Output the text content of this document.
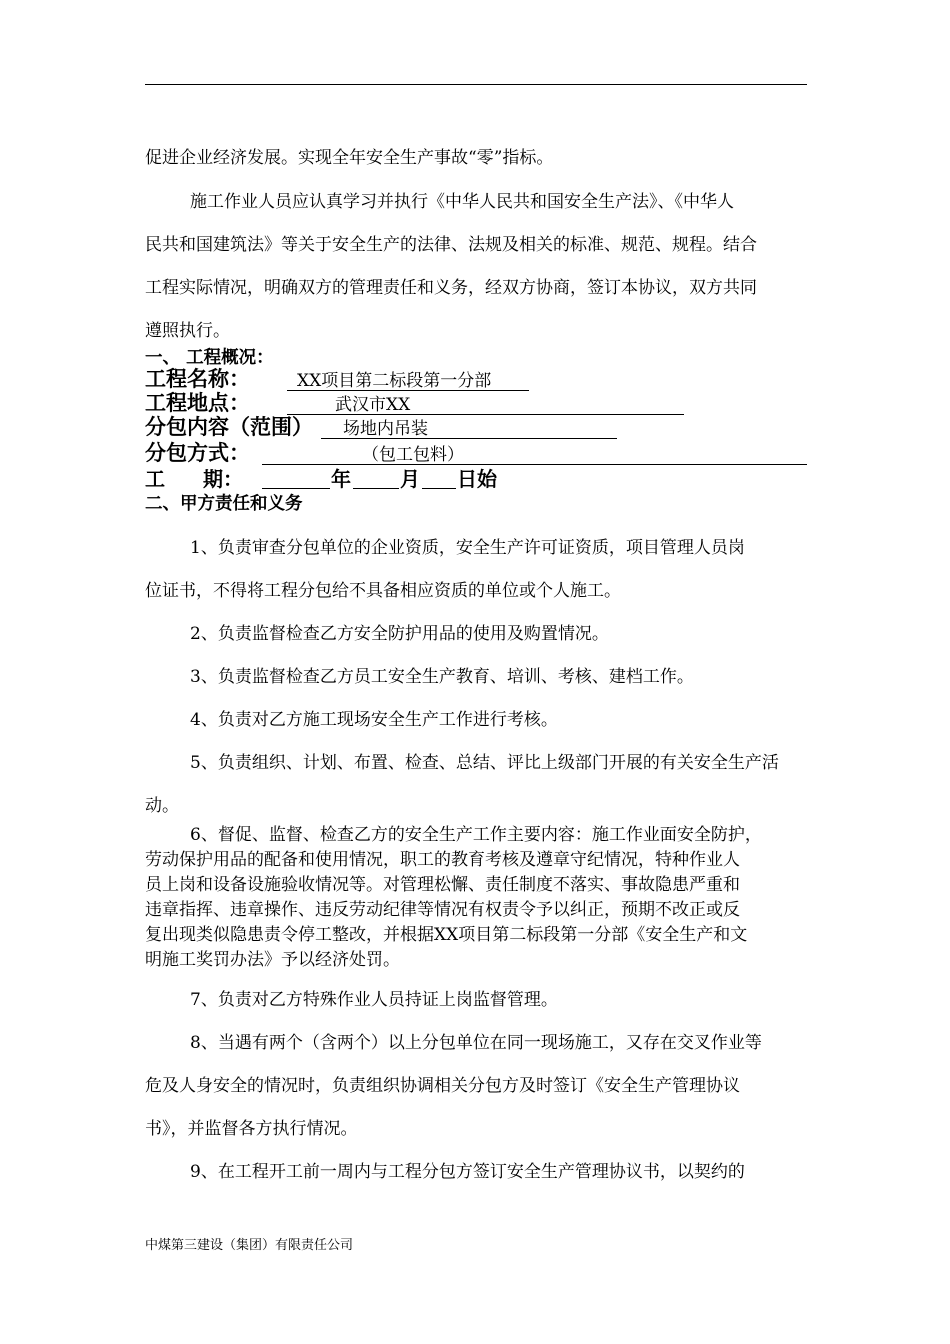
促进企业经济发展。实现全年安全生产事故“零”指标。
施工作业人员应认真学习并执行《中华人民共和国安全生产法》、《中华人
民共和国建筑法》等关于安全生产的法律、法规及相关的标准、规范、规程。结合
工程实际情况，明确双方的管理责任和义务，经双方协商，签订本协议，双方共同
遵照执行。
一、 工程概况：
工程名称：	XX项目第二标段第一分部
工程地点：	武汉市XX
分包内容（范围）	场地内吊装
分包方式：	（包工包料）
工 期：	年 月 日始
二、甲方责任和义务
1、负责审查分包单位的企业资质，安全生产许可证资质，项目管理人员岗
位证书，不得将工程分包给不具备相应资质的单位或个人施工。
2、负责监督检查乙方安全防护用品的使用及购置情况。
3、负责监督检查乙方员工安全生产教育、培训、考核、建档工作。
4、负责对乙方施工现场安全生产工作进行考核。
5、负责组织、计划、布置、检查、总结、评比上级部门开展的有关安全生产活
动。
6、督促、监督、检查乙方的安全生产工作主要内容：施工作业面安全防护，
劳动保护用品的配备和使用情况，职工的教育考核及遵章守纪情况，特种作业人
员上岗和设备设施验收情况等。对管理松懈、责任制度不落实、事故隐患严重和
违章指挥、违章操作、违反劳动纪律等情况有权责令予以纠正，预期不改正或反
复出现类似隐患责令停工整改，并根据XX项目第二标段第一分部《安全生产和文
明施工奖罚办法》予以经济处罚。
7、负责对乙方特殊作业人员持证上岗监督管理。
8、当遇有两个（含两个）以上分包单位在同一现场施工，又存在交叉作业等
危及人身安全的情况时，负责组织协调相关分包方及时签订《安全生产管理协议
书》，并监督各方执行情况。
9、在工程开工前一周内与工程分包方签订安全生产管理协议书，以契约的
中煤第三建设（集团）有限责任公司
